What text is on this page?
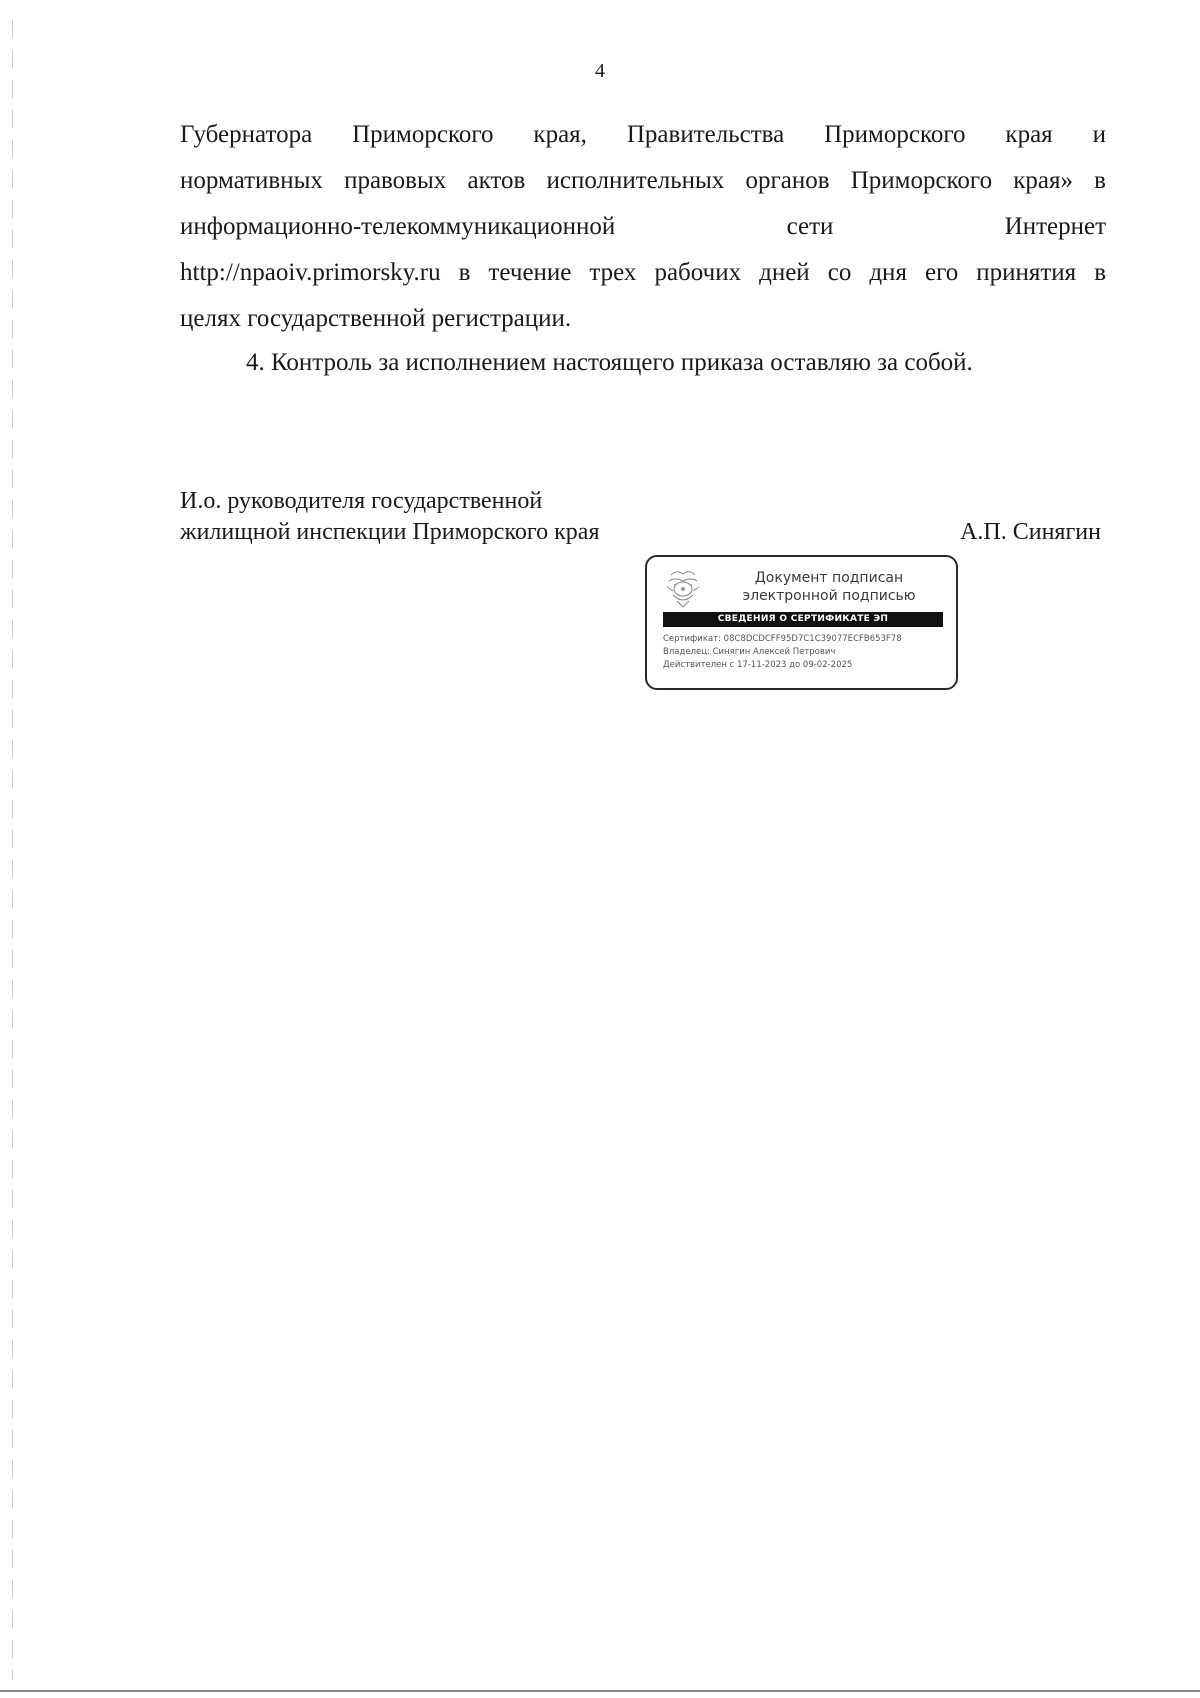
4
Губернатора Приморского края, Правительства Приморского края и
нормативных правовых актов исполнительных органов Приморского края» в
информационно-телекоммуникационной	сети	Интернет
http://npaoiv.primorsky.ru в течение трех рабочих дней со дня его принятия в
целях государственной регистрации.
4. Контроль за исполнением настоящего приказа оставляю за собой.
И.о. руководителя государственной
жилищной инспекции Приморского края	А.П. Синягин
Документ подписан
электронной подписью
СВЕДЕНИЯ О СЕРТИФИКАТЕ ЭП
Сертификат: 08C8DCDCFF95D7C1C39077ECFB653F78
Владелец: Синягин Алексей Петрович
Действителен с 17-11-2023 до 09-02-2025
